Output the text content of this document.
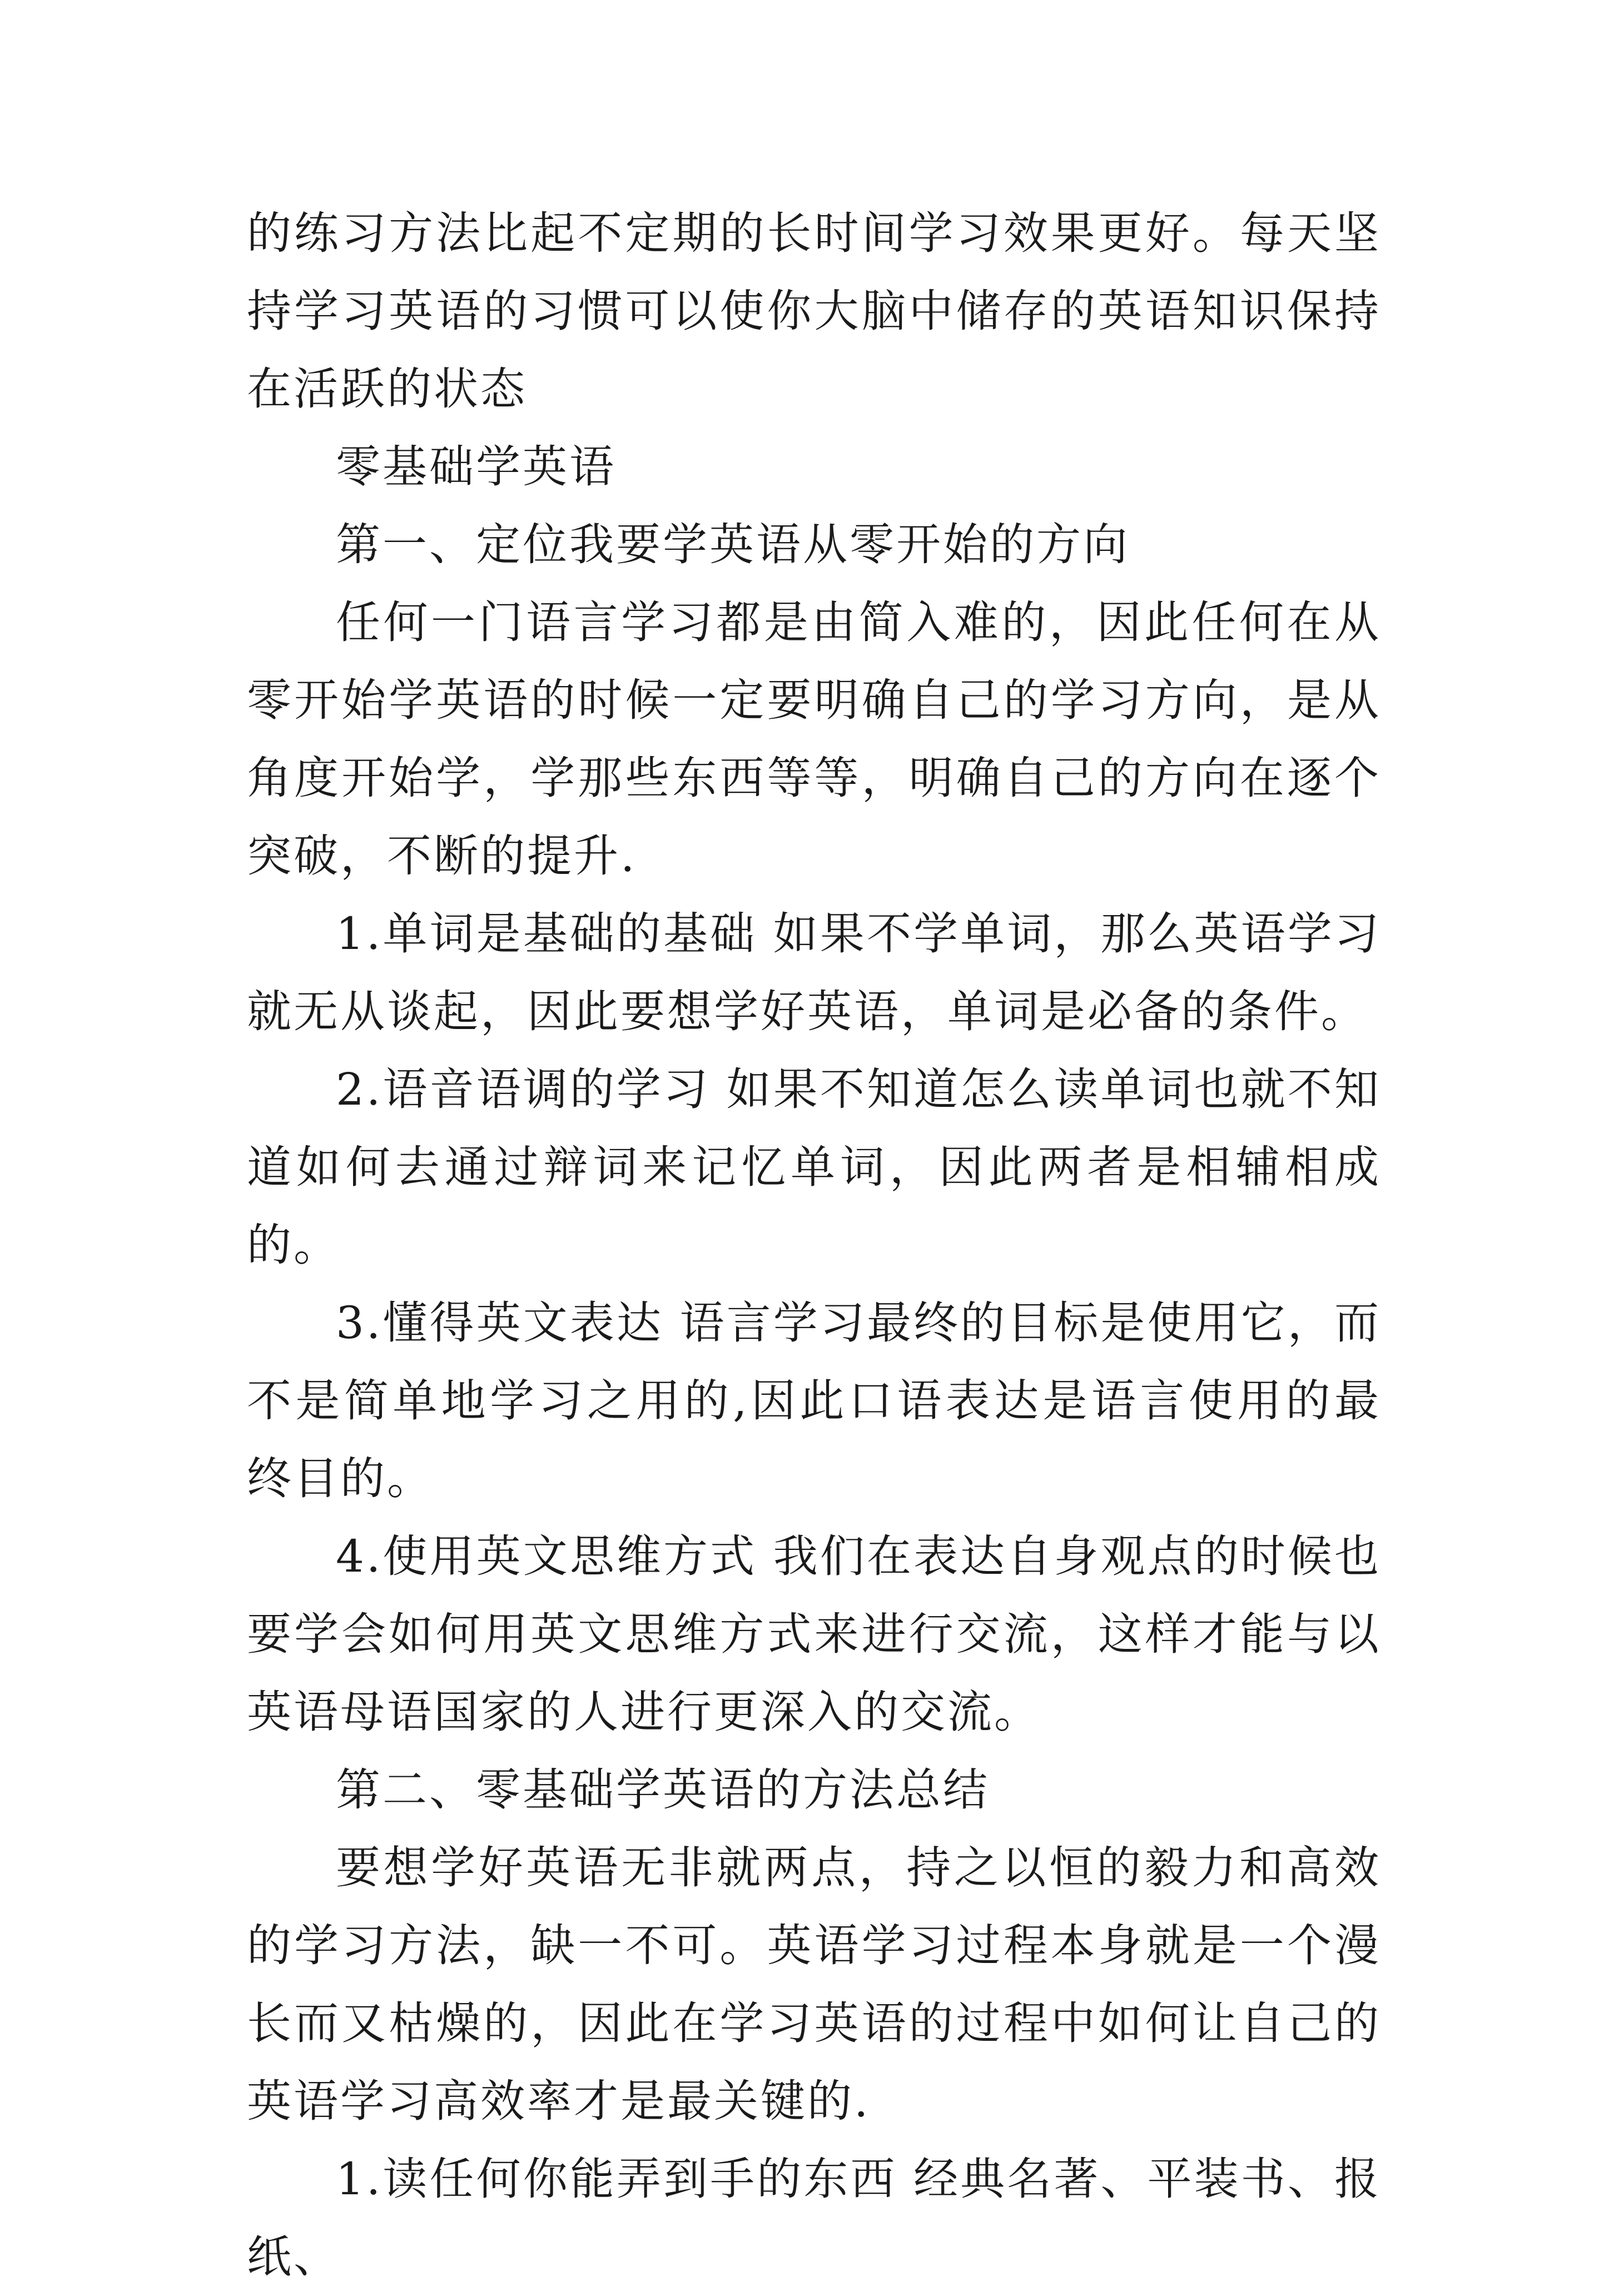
的练习方法比起不定期的长时间学习效果更好。每天坚持学习英语的习惯可以使你大脑中储存的英语知识保持在活跃的状态

零基础学英语

第一、定位我要学英语从零开始的方向

任何一门语言学习都是由简入难的，因此任何在从零开始学英语的时候一定要明确自己的学习方向，是从角度开始学，学那些东西等等，明确自己的方向在逐个突破，不断的提升.

1.单词是基础的基础 如果不学单词，那么英语学习就无从谈起，因此要想学好英语，单词是必备的条件。

2.语音语调的学习 如果不知道怎么读单词也就不知道如何去通过辩词来记忆单词，因此两者是相辅相成的。

3.懂得英文表达 语言学习最终的目标是使用它，而不是简单地学习之用的,因此口语表达是语言使用的最终目的。

4.使用英文思维方式 我们在表达自身观点的时候也要学会如何用英文思维方式来进行交流，这样才能与以英语母语国家的人进行更深入的交流。

第二、零基础学英语的方法总结

要想学好英语无非就两点，持之以恒的毅力和高效的学习方法，缺一不可。英语学习过程本身就是一个漫长而又枯燥的，因此在学习英语的过程中如何让自己的英语学习高效率才是最关键的.

1.读任何你能弄到手的东西 经典名著、平装书、报纸、
